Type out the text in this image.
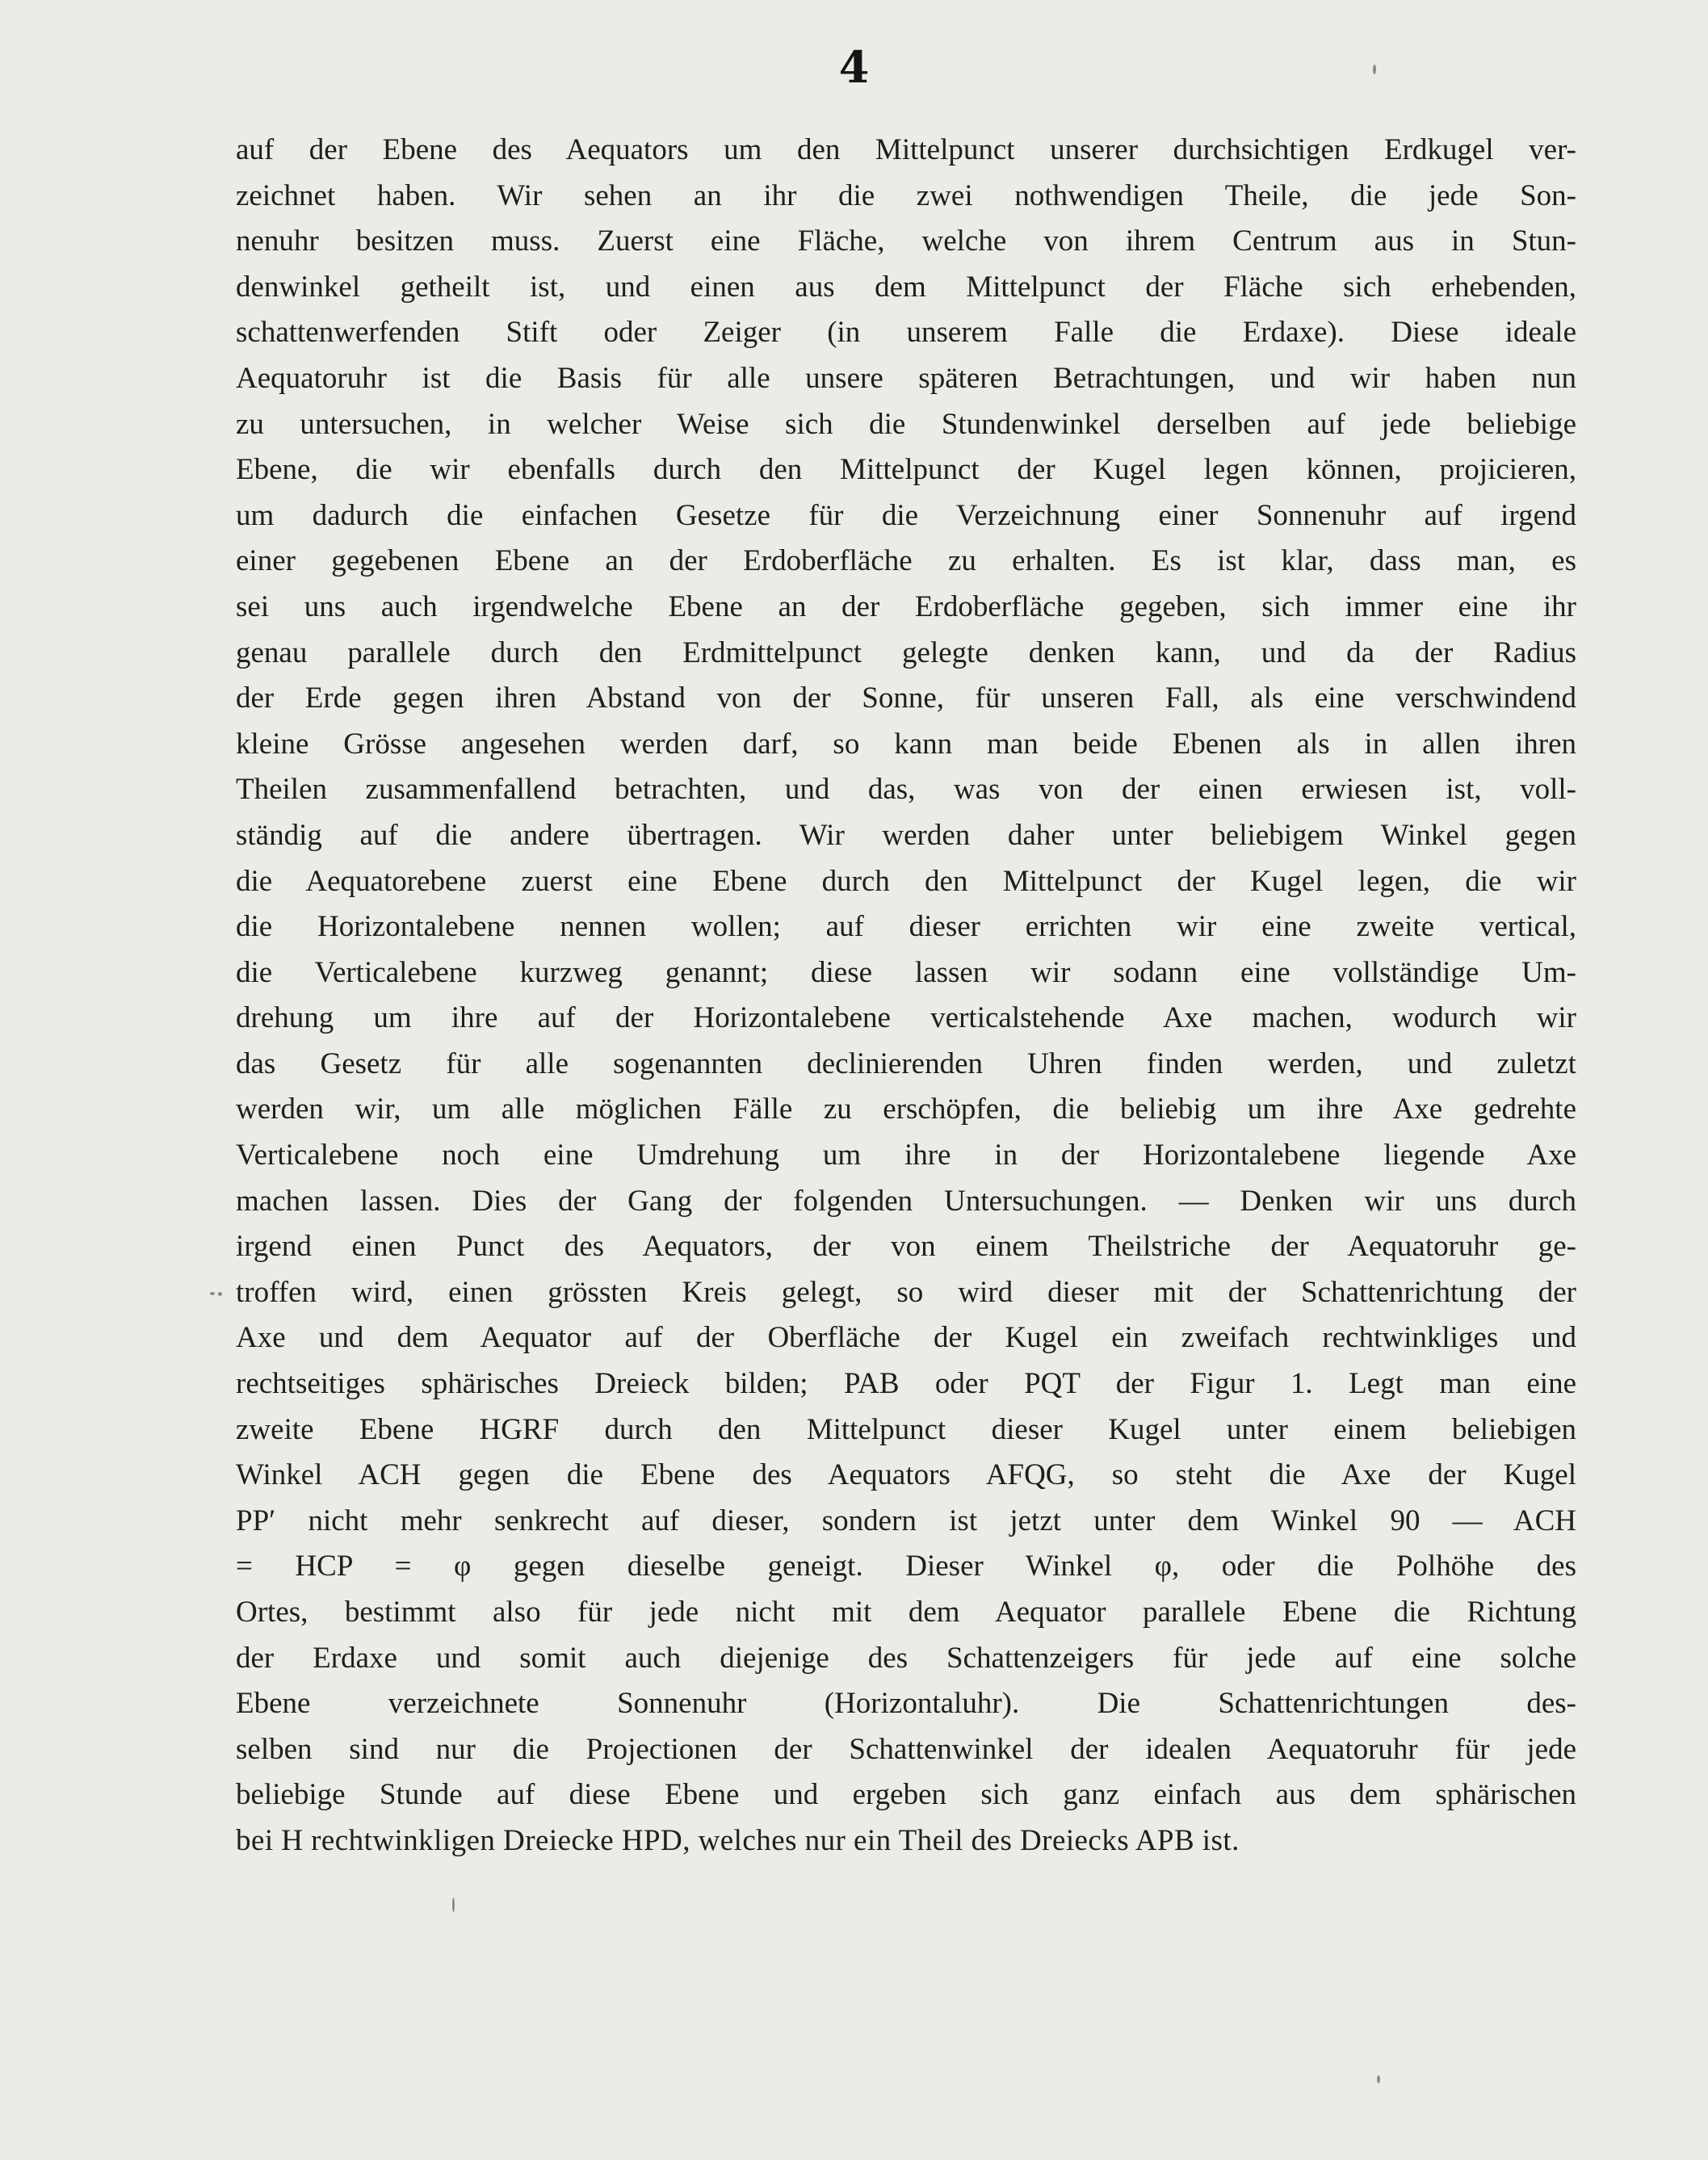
4
auf der Ebene des Aequators um den Mittelpunct unserer durchsichtigen Erdkugel ver-
zeichnet haben. Wir sehen an ihr die zwei nothwendigen Theile, die jede Son-
nenuhr besitzen muss. Zuerst eine Fläche, welche von ihrem Centrum aus in Stun-
denwinkel getheilt ist, und einen aus dem Mittelpunct der Fläche sich erhebenden,
schattenwerfenden Stift oder Zeiger (in unserem Falle die Erdaxe). Diese ideale
Aequatoruhr ist die Basis für alle unsere späteren Betrachtungen, und wir haben nun
zu untersuchen, in welcher Weise sich die Stundenwinkel derselben auf jede beliebige
Ebene, die wir ebenfalls durch den Mittelpunct der Kugel legen können, projicieren,
um dadurch die einfachen Gesetze für die Verzeichnung einer Sonnenuhr auf irgend
einer gegebenen Ebene an der Erdoberfläche zu erhalten. Es ist klar, dass man, es
sei uns auch irgendwelche Ebene an der Erdoberfläche gegeben, sich immer eine ihr
genau parallele durch den Erdmittelpunct gelegte denken kann, und da der Radius
der Erde gegen ihren Abstand von der Sonne, für unseren Fall, als eine verschwindend
kleine Grösse angesehen werden darf, so kann man beide Ebenen als in allen ihren
Theilen zusammenfallend betrachten, und das, was von der einen erwiesen ist, voll-
ständig auf die andere übertragen. Wir werden daher unter beliebigem Winkel gegen
die Aequatorebene zuerst eine Ebene durch den Mittelpunct der Kugel legen, die wir
die Horizontalebene nennen wollen; auf dieser errichten wir eine zweite vertical,
die Verticalebene kurzweg genannt; diese lassen wir sodann eine vollständige Um-
drehung um ihre auf der Horizontalebene verticalstehende Axe machen, wodurch wir
das Gesetz für alle sogenannten declinierenden Uhren finden werden, und zuletzt
werden wir, um alle möglichen Fälle zu erschöpfen, die beliebig um ihre Axe gedrehte
Verticalebene noch eine Umdrehung um ihre in der Horizontalebene liegende Axe
machen lassen. Dies der Gang der folgenden Untersuchungen. — Denken wir uns durch
irgend einen Punct des Aequators, der von einem Theilstriche der Aequatoruhr ge-
troffen wird, einen grössten Kreis gelegt, so wird dieser mit der Schattenrichtung der
Axe und dem Aequator auf der Oberfläche der Kugel ein zweifach rechtwinkliges und
rechtseitiges sphärisches Dreieck bilden; PAB oder PQT der Figur 1. Legt man eine
zweite Ebene HGRF durch den Mittelpunct dieser Kugel unter einem beliebigen
Winkel ACH gegen die Ebene des Aequators AFQG, so steht die Axe der Kugel
PP′ nicht mehr senkrecht auf dieser, sondern ist jetzt unter dem Winkel 90 — ACH
= HCP = φ gegen dieselbe geneigt. Dieser Winkel φ, oder die Polhöhe des
Ortes, bestimmt also für jede nicht mit dem Aequator parallele Ebene die Richtung
der Erdaxe und somit auch diejenige des Schattenzeigers für jede auf eine solche
Ebene verzeichnete Sonnenuhr (Horizontaluhr). Die Schattenrichtungen des-
selben sind nur die Projectionen der Schattenwinkel der idealen Aequatoruhr für jede
beliebige Stunde auf diese Ebene und ergeben sich ganz einfach aus dem sphärischen
bei H rechtwinkligen Dreiecke HPD, welches nur ein Theil des Dreiecks APB ist.
